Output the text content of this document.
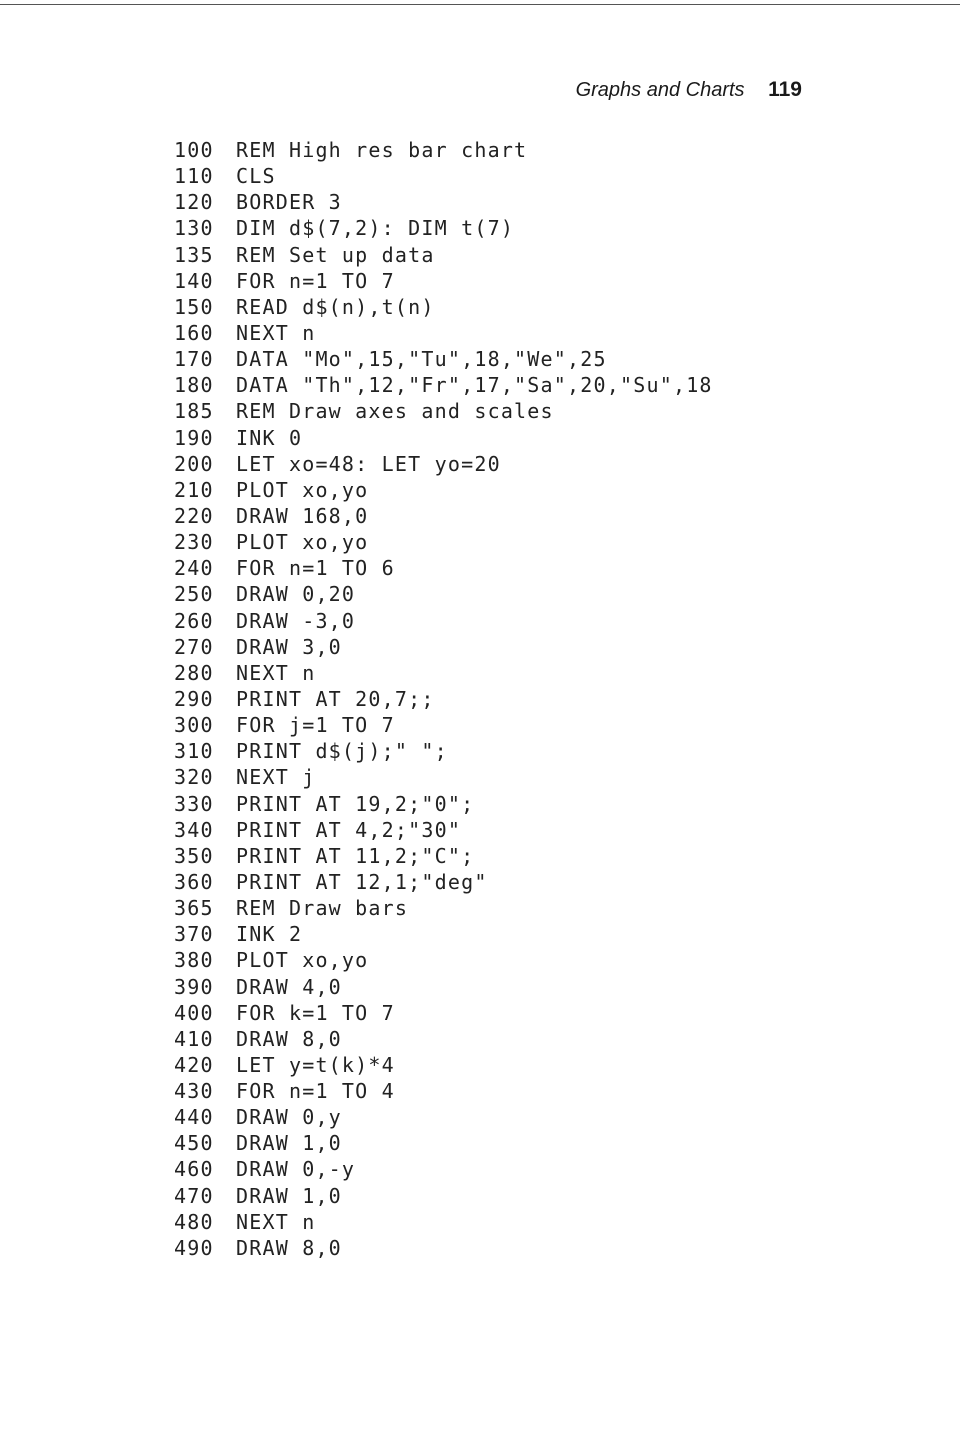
Graphs and Charts 119
100 REM High res bar chart
110 CLS
120 BORDER 3
130 DIM d$(7,2): DIM t(7)
135 REM Set up data
140 FOR n=1 TO 7
150 READ d$(n),t(n)
160 NEXT n
170 DATA "Mo",15,"Tu",18,"We",25
180 DATA "Th",12,"Fr",17,"Sa",20,"Su",18
185 REM Draw axes and scales
190 INK 0
200 LET xo=48: LET yo=20
210 PLOT xo,yo
220 DRAW 168,0
230 PLOT xo,yo
240 FOR n=1 TO 6
250 DRAW 0,20
260 DRAW -3,0
270 DRAW 3,0
280 NEXT n
290 PRINT AT 20,7;;
300 FOR j=1 TO 7
310 PRINT d$(j);" ";
320 NEXT j
330 PRINT AT 19,2;"0";
340 PRINT AT 4,2;"30"
350 PRINT AT 11,2;"C";
360 PRINT AT 12,1;"deg"
365 REM Draw bars
370 INK 2
380 PLOT xo,yo
390 DRAW 4,0
400 FOR k=1 TO 7
410 DRAW 8,0
420 LET y=t(k)*4
430 FOR n=1 TO 4
440 DRAW 0,y
450 DRAW 1,0
460 DRAW 0,-y
470 DRAW 1,0
480 NEXT n
490 DRAW 8,0
